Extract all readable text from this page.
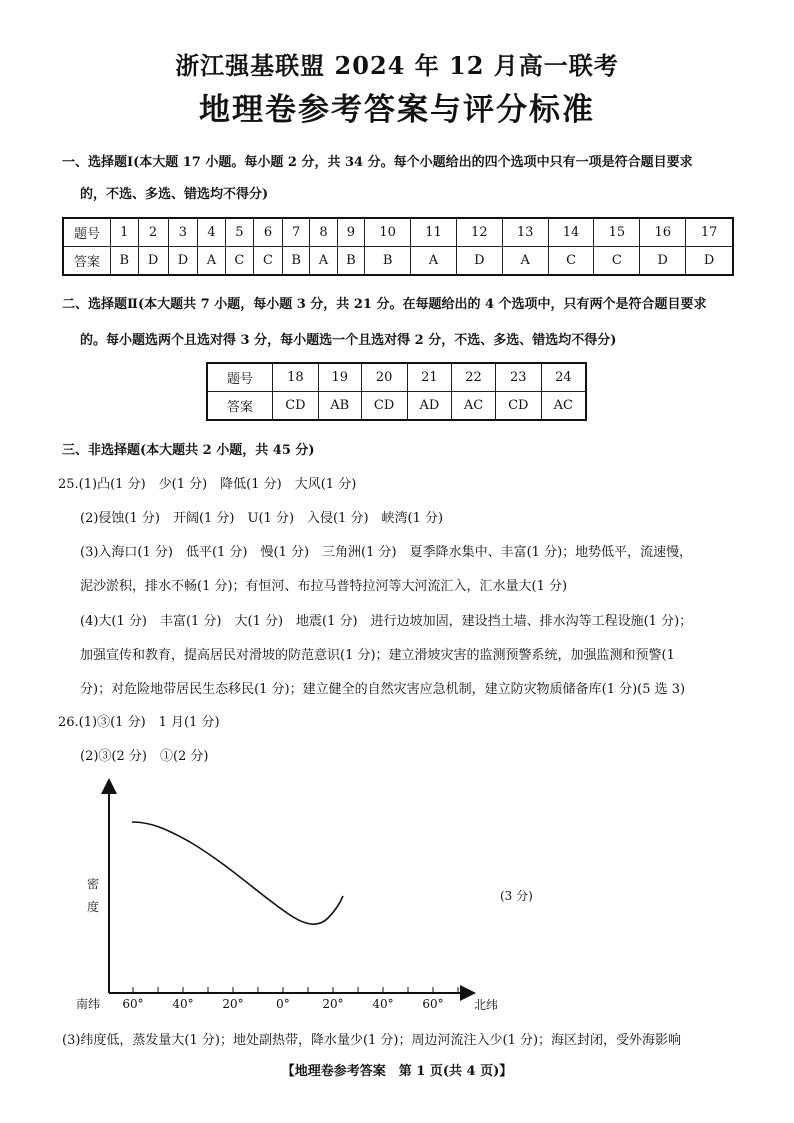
浙江强基联盟 2024 年 12 月高一联考
地理卷参考答案与评分标准
一、选择题Ⅰ(本大题 17 小题。每小题 2 分，共 34 分。每个小题给出的四个选项中只有一项是符合题目要求
的，不选、多选、错选均不得分)
题号	1	2	3	4	5	6	7	8	9	10	11	12	13	14	15	16	17
答案	B	D	D	A	C	C	B	A	B	B	A	D	A	C	C	D	D
二、选择题Ⅱ(本大题共 7 小题，每小题 3 分，共 21 分。在每题给出的 4 个选项中，只有两个是符合题目要求
的。每小题选两个且选对得 3 分，每小题选一个且选对得 2 分，不选、多选、错选均不得分)
题号	18	19	20	21	22	23	24
答案	CD	AB	CD	AD	AC	CD	AC
三、非选择题(本大题共 2 小题，共 45 分)
25.(1)凸(1 分)　少(1 分)　降低(1 分)　大风(1 分)
(2)侵蚀(1 分)　开阔(1 分)　U(1 分)　入侵(1 分)　峡湾(1 分)
(3)入海口(1 分)　低平(1 分)　慢(1 分)　三角洲(1 分)　夏季降水集中、丰富(1 分)；地势低平，流速慢，
泥沙淤积，排水不畅(1 分)；有恒河、布拉马普特拉河等大河流汇入，汇水量大(1 分)
(4)大(1 分)　丰富(1 分)　大(1 分)　地震(1 分)　进行边坡加固，建设挡土墙、排水沟等工程设施(1 分)；
加强宣传和教育，提高居民对滑坡的防范意识(1 分)；建立滑坡灾害的监测预警系统，加强监测和预警(1
分)；对危险地带居民生态移民(1 分)；建立健全的自然灾害应急机制，建立防灾物质储备库(1 分)(5 选 3)
26.(1)③(1 分)　1 月(1 分)
(2)③(2 分)　①(2 分)
60° 40° 20°	0°	20° 40° 60°
密
度
南纬	北纬
(3 分)
(3)纬度低，蒸发量大(1 分)；地处副热带，降水量少(1 分)；周边河流注入少(1 分)；海区封闭，受外海影响
【地理卷参考答案　第 1 页(共 4 页)】
